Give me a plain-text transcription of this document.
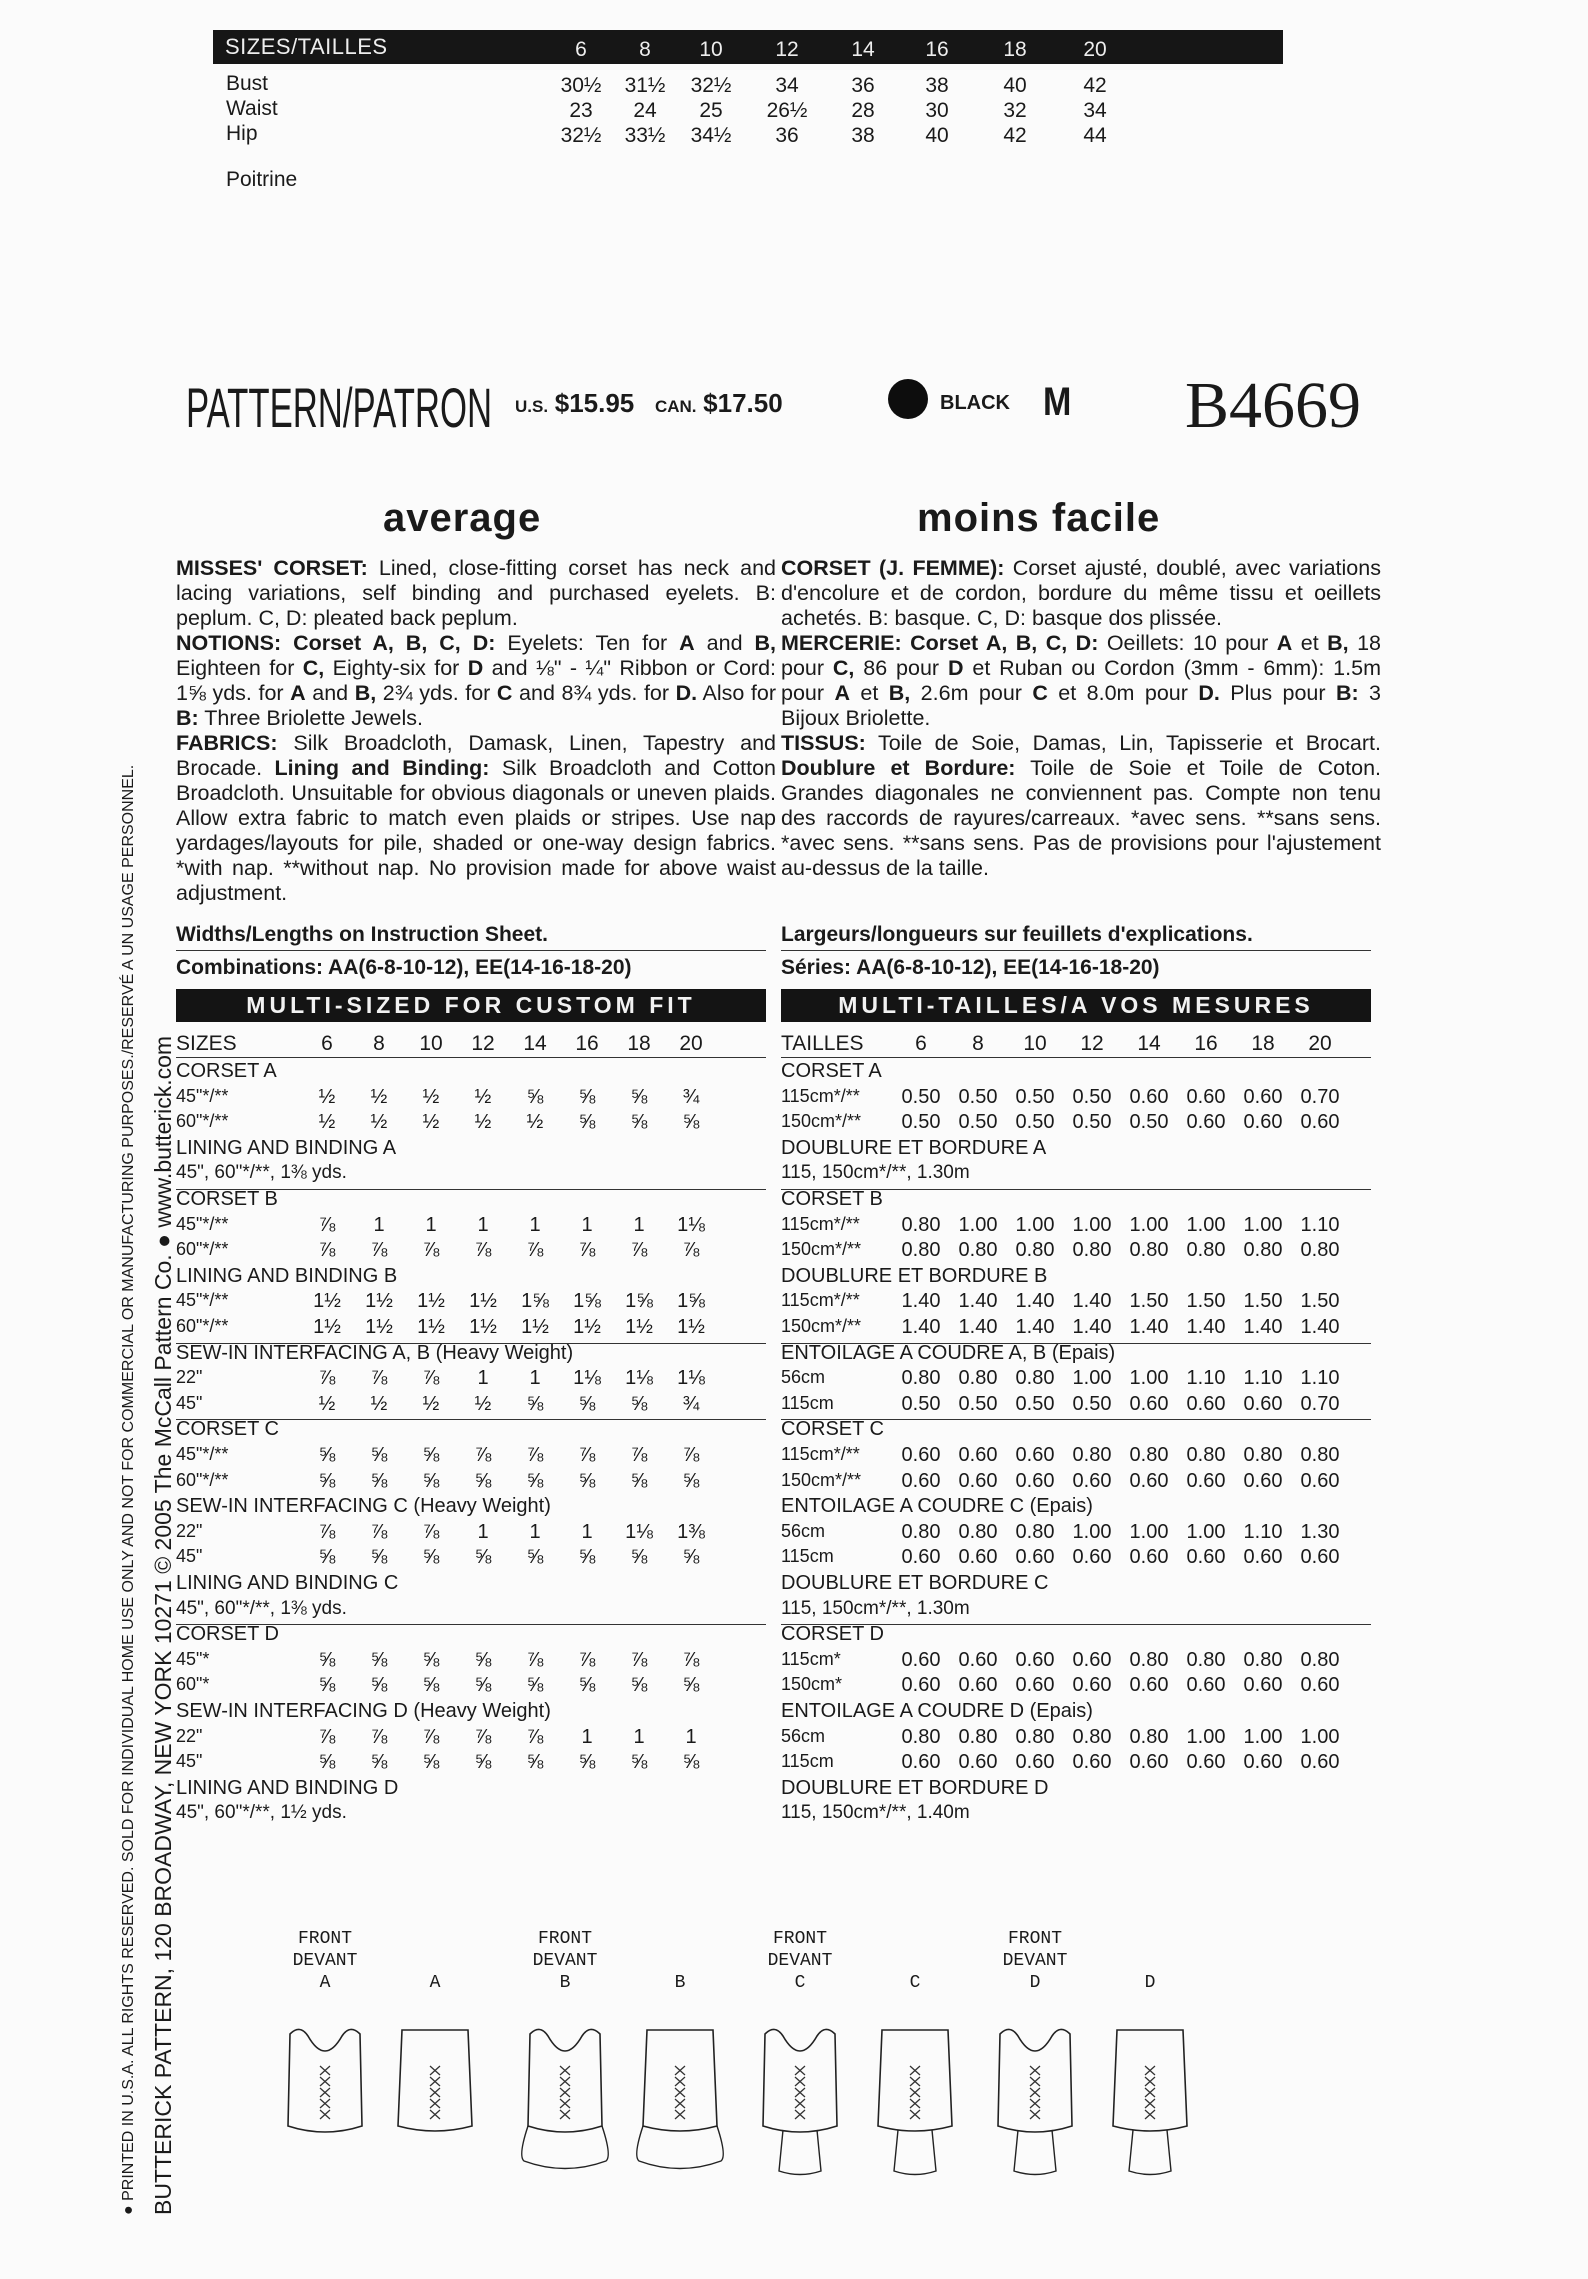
SIZES/TAILLES	6	8	10	12	14	16	18	20
Bust	30½	31½	32½	34	36	38	40	42
Waist	23	24	25	26½	28	30	32	34
Hip	32½	33½	34½	36	38	40	42	44
Poitrine
PATTERN/PATRON U.S. $15.95 CAN. $17.50	BLACK M B4669
average	moins facile
MISSES' CORSET: Lined, close-fitting corset has neck and lacing variations, self binding and purchased eyelets. B: peplum. C, D: pleated back peplum.
NOTIONS: Corset A, B, C, D: Eyelets: Ten for A and B, Eighteen for C, Eighty-six for D and ⅛" - ¼" Ribbon or Cord: 1⅝ yds. for A and B, 2¾ yds. for C and 8¾ yds. for D. Also for B: Three Briolette Jewels.
FABRICS: Silk Broadcloth, Damask, Linen, Tapestry and Brocade. Lining and Binding: Silk Broadcloth and Cotton Broadcloth. Unsuitable for obvious diagonals or uneven plaids. Allow extra fabric to match even plaids or stripes. Use nap yardages/layouts for pile, shaded or one-way design fabrics. *with nap. **without nap. No provision made for above waist adjustment.
Widths/Lengths on Instruction Sheet.
Combinations: AA(6-8-10-12), EE(14-16-18-20)
MULTI-SIZED FOR CUSTOM FIT
CORSET (J. FEMME): Corset ajusté, doublé, avec variations d'encolure et de cordon, bordure du même tissu et oeillets achetés. B: basque. C, D: basque dos plissée.
MERCERIE: Corset A, B, C, D: Oeillets: 10 pour A et B, 18 pour C, 86 pour D et Ruban ou Cordon (3mm - 6mm): 1.5m pour A et B, 2.6m pour C et 8.0m pour D. Plus pour B: 3 Bijoux Briolette.
TISSUS: Toile de Soie, Damas, Lin, Tapisserie et Brocart. Doublure et Bordure: Toile de Soie et Toile de Coton. Grandes diagonales ne conviennent pas. Compte non tenu des raccords de rayures/carreaux. *avec sens. **sans sens. *avec sens. **sans sens. Pas de provisions pour l'ajustement au-dessus de la taille.
Largeurs/longueurs sur feuillets d'explications.
Séries: AA(6-8-10-12), EE(14-16-18-20)
MULTI-TAILLES/A VOS MESURES
SIZES	6	8	10	12	14	16	18	20
CORSET A
45"*/**	½	½	½	½	⅝	⅝	⅝	¾
60"*/**	½	½	½	½	½	⅝	⅝	⅝
LINING AND BINDING A
45", 60"*/**, 1⅜ yds.
CORSET B
45"*/**	⅞	1	1	1	1	1	1	1⅛
60"*/**	⅞	⅞	⅞	⅞	⅞	⅞	⅞	⅞
LINING AND BINDING B
45"*/**	1½	1½	1½	1½	1⅝	1⅝	1⅝	1⅝
60"*/**	1½	1½	1½	1½	1½	1½	1½	1½
SEW-IN INTERFACING A, B (Heavy Weight)
22"	⅞	⅞	⅞	1	1	1⅛	1⅛	1⅛
45"	½	½	½	½	⅝	⅝	⅝	¾
CORSET C
45"*/**	⅝	⅝	⅝	⅞	⅞	⅞	⅞	⅞
60"*/**	⅝	⅝	⅝	⅝	⅝	⅝	⅝	⅝
SEW-IN INTERFACING C (Heavy Weight)
22"	⅞	⅞	⅞	1	1	1	1⅛	1⅜
45"	⅝	⅝	⅝	⅝	⅝	⅝	⅝	⅝
LINING AND BINDING C
45", 60"*/**, 1⅜ yds.
CORSET D
45"*	⅝	⅝	⅝	⅝	⅞	⅞	⅞	⅞
60"*	⅝	⅝	⅝	⅝	⅝	⅝	⅝	⅝
SEW-IN INTERFACING D (Heavy Weight)
22"	⅞	⅞	⅞	⅞	⅞	1	1	1
45"	⅝	⅝	⅝	⅝	⅝	⅝	⅝	⅝
LINING AND BINDING D
45", 60"*/**, 1½ yds.
TAILLES	6	8	10	12	14	16	18	20
CORSET A
115cm*/**	0.50 0.50 0.50 0.50 0.60 0.60 0.60 0.70
150cm*/**	0.50 0.50 0.50 0.50 0.50 0.60 0.60 0.60
DOUBLURE ET BORDURE A
115, 150cm*/**, 1.30m
CORSET B
115cm*/**	0.80 1.00 1.00 1.00 1.00 1.00 1.00 1.10
150cm*/**	0.80 0.80 0.80 0.80 0.80 0.80 0.80 0.80
DOUBLURE ET BORDURE B
115cm*/**	1.40 1.40 1.40 1.40 1.50 1.50 1.50 1.50
150cm*/**	1.40 1.40 1.40 1.40 1.40 1.40 1.40 1.40
ENTOILAGE A COUDRE A, B (Epais)
56cm	0.80 0.80 0.80 1.00 1.00 1.10 1.10 1.10
115cm	0.50 0.50 0.50 0.50 0.60 0.60 0.60 0.70
CORSET C
115cm*/**	0.60 0.60 0.60 0.80 0.80 0.80 0.80 0.80
150cm*/**	0.60 0.60 0.60 0.60 0.60 0.60 0.60 0.60
ENTOILAGE A COUDRE C (Epais)
56cm	0.80 0.80 0.80 1.00 1.00 1.00 1.10 1.30
115cm	0.60 0.60 0.60 0.60 0.60 0.60 0.60 0.60
DOUBLURE ET BORDURE C
115, 150cm*/**, 1.30m
CORSET D
115cm*	0.60 0.60 0.60 0.60 0.80 0.80 0.80 0.80
150cm*	0.60 0.60 0.60 0.60 0.60 0.60 0.60 0.60
ENTOILAGE A COUDRE D (Epais)
56cm	0.80 0.80 0.80 0.80 0.80 1.00 1.00 1.00
115cm	0.60 0.60 0.60 0.60 0.60 0.60 0.60 0.60
DOUBLURE ET BORDURE D
115, 150cm*/**, 1.40m
FRONT
DEVANT
A	A
FRONT
DEVANT
B	B
FRONT
DEVANT
C	C
FRONT
DEVANT
D	D
BUTTERICK PATTERN, 120 BROADWAY, NEW YORK 10271 © 2005 The McCall Pattern Co. ● www.butterick.com
● PRINTED IN U.S.A. ALL RIGHTS RESERVED. SOLD FOR INDIVIDUAL HOME USE ONLY AND NOT FOR COMMERCIAL OR MANUFACTURING PURPOSES./RESERVÉ A UN USAGE PERSONNEL.
